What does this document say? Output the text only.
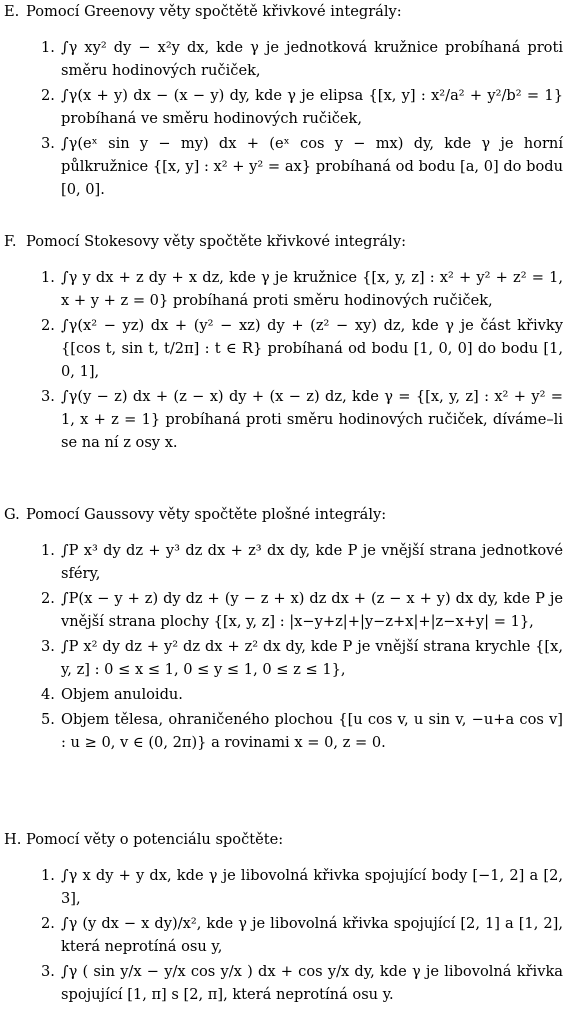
E. Pomocí Greenovy věty spočtětě křivkové integrály:

1. ∫γ xy² dy − x²y dx, kde γ je jednotková kružnice probíhaná proti směru hodinových ručiček,
2. ∫γ(x + y) dx − (x − y) dy, kde γ je elipsa {[x, y] : x²/a² + y²/b² = 1} probíhaná ve směru hodinových ručiček,
3. ∫γ(eˣ sin y − my) dx + (eˣ cos y − mx) dy, kde γ je horní půlkružnice {[x, y] : x² + y² = ax} probíhaná od bodu [a, 0] do bodu [0, 0].

F. Pomocí Stokesovy věty spočtěte křivkové integrály:

1. ∫γ y dx + z dy + x dz, kde γ je kružnice {[x, y, z] : x² + y² + z² = 1, x + y + z = 0} probíhaná proti směru hodinových ručiček,
2. ∫γ(x² − yz) dx + (y² − xz) dy + (z² − xy) dz, kde γ je část křivky {[cos t, sin t, t/2π] : t ∈ R} probíhaná od bodu [1, 0, 0] do bodu [1, 0, 1],
3. ∫γ(y − z) dx + (z − x) dy + (x − z) dz, kde γ = {[x, y, z] : x² + y² = 1, x + z = 1} probíhaná proti směru hodinových ručiček, díváme–li se na ní z osy x.

G. Pomocí Gaussovy věty spočtěte plošné integrály:

1. ∫P x³ dy dz + y³ dz dx + z³ dx dy, kde P je vnější strana jednotkové sféry,
2. ∫P(x − y + z) dy dz + (y − z + x) dz dx + (z − x + y) dx dy, kde P je vnější strana plochy {[x, y, z] : |x−y+z|+|y−z+x|+|z−x+y| = 1},
3. ∫P x² dy dz + y² dz dx + z² dx dy, kde P je vnější strana krychle {[x, y, z] : 0 ≤ x ≤ 1, 0 ≤ y ≤ 1, 0 ≤ z ≤ 1},
4. Objem anuloidu.
5. Objem tělesa, ohraničeného plochou {[u cos v, u sin v, −u+a cos v] : u ≥ 0, v ∈ (0, 2π)} a rovinami x = 0, z = 0.

H. Pomocí věty o potenciálu spočtěte:

1. ∫γ x dy + y dx, kde γ je libovolná křivka spojující body [−1, 2] a [2, 3],
2. ∫γ (y dx − x dy)/x², kde γ je libovolná křivka spojující [2, 1] a [1, 2], která neprotíná osu y,
3. ∫γ ( sin y/x − y/x cos y/x ) dx + cos y/x dy, kde γ je libovolná křivka spojující [1, π] s [2, π], která neprotíná osu y.
